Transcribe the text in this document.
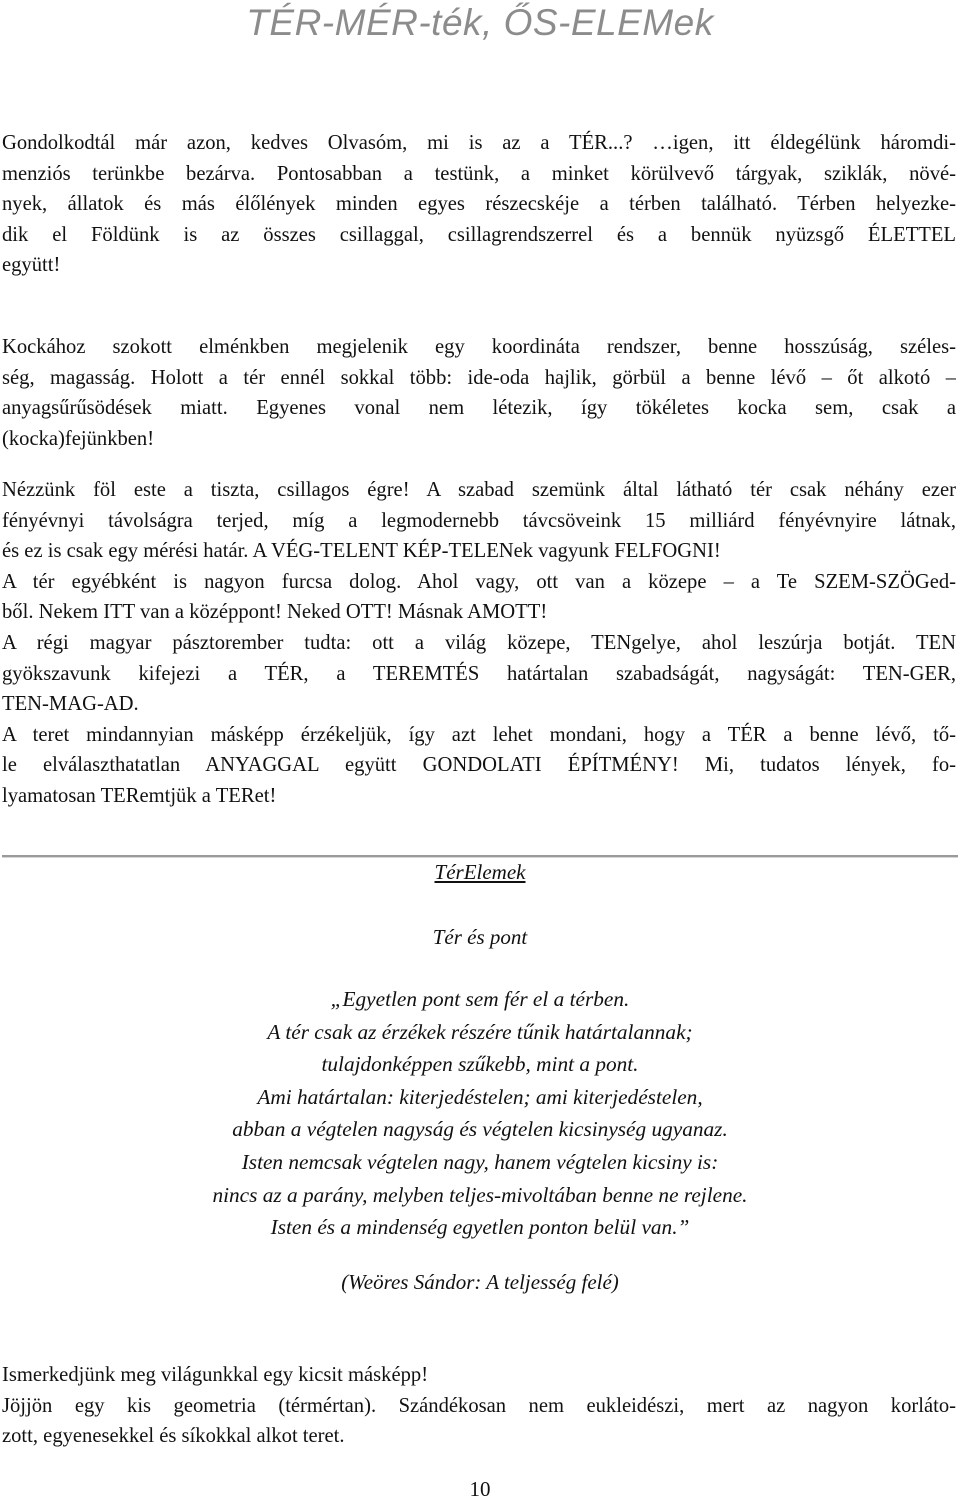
TÉR-MÉR-ték, ŐS-ELEMek
Gondolkodtál már azon, kedves Olvasóm, mi is az a TÉR...? …igen, itt éldegélünk háromdi-
menziós terünkbe bezárva. Pontosabban a testünk, a minket körülvevő tárgyak, sziklák, növé-
nyek, állatok és más élőlények minden egyes részecskéje a térben található. Térben helyezke-
dik el Földünk is az összes csillaggal, csillagrendszerrel és a bennük nyüzsgő ÉLETTEL
együtt!
Kockához szokott elménkben megjelenik egy koordináta rendszer, benne hosszúság, széles-
ség, magasság. Holott a tér ennél sokkal több: ide-oda hajlik, görbül a benne lévő – őt alkotó –
anyagsűrűsödések miatt. Egyenes vonal nem létezik, így tökéletes kocka sem, csak a
(kocka)fejünkben!
Nézzünk föl este a tiszta, csillagos égre! A szabad szemünk által látható tér csak néhány ezer
fényévnyi távolságra terjed, míg a legmodernebb távcsöveink 15 milliárd fényévnyire látnak,
és ez is csak egy mérési határ. A VÉG-TELENT KÉP-TELENek vagyunk FELFOGNI!
A tér egyébként is nagyon furcsa dolog. Ahol vagy, ott van a közepe – a Te SZEM-SZÖGed-
ből. Nekem ITT van a középpont! Neked OTT! Másnak AMOTT!
A régi magyar pásztorember tudta: ott a világ közepe, TENgelye, ahol leszúrja botját. TEN
gyökszavunk kifejezi a TÉR, a TEREMTÉS határtalan szabadságát, nagyságát: TEN-GER,
TEN-MAG-AD.
A teret mindannyian másképp érzékeljük, így azt lehet mondani, hogy a TÉR a benne lévő, tő-
le elválaszthatatlan ANYAGGAL együtt GONDOLATI ÉPÍTMÉNY! Mi, tudatos lények, fo-
lyamatosan TERemtjük a TERet!

TérElemek

Tér és pont

„Egyetlen pont sem fér el a térben.
A tér csak az érzékek részére tűnik határtalannak;
tulajdonképpen szűkebb, mint a pont.
Ami határtalan: kiterjedéstelen; ami kiterjedéstelen,
abban a végtelen nagyság és végtelen kicsinység ugyanaz.
Isten nemcsak végtelen nagy, hanem végtelen kicsiny is:
nincs az a parány, melyben teljes-mivoltában benne ne rejlene.
Isten és a mindenség egyetlen ponton belül van.”

(Weöres Sándor: A teljesség felé)

Ismerkedjünk meg világunkkal egy kicsit másképp!
Jöjjön egy kis geometria (térmértan). Szándékosan nem eukleidészi, mert az nagyon korláto-
zott, egyenesekkel és síkokkal alkot teret.

10
